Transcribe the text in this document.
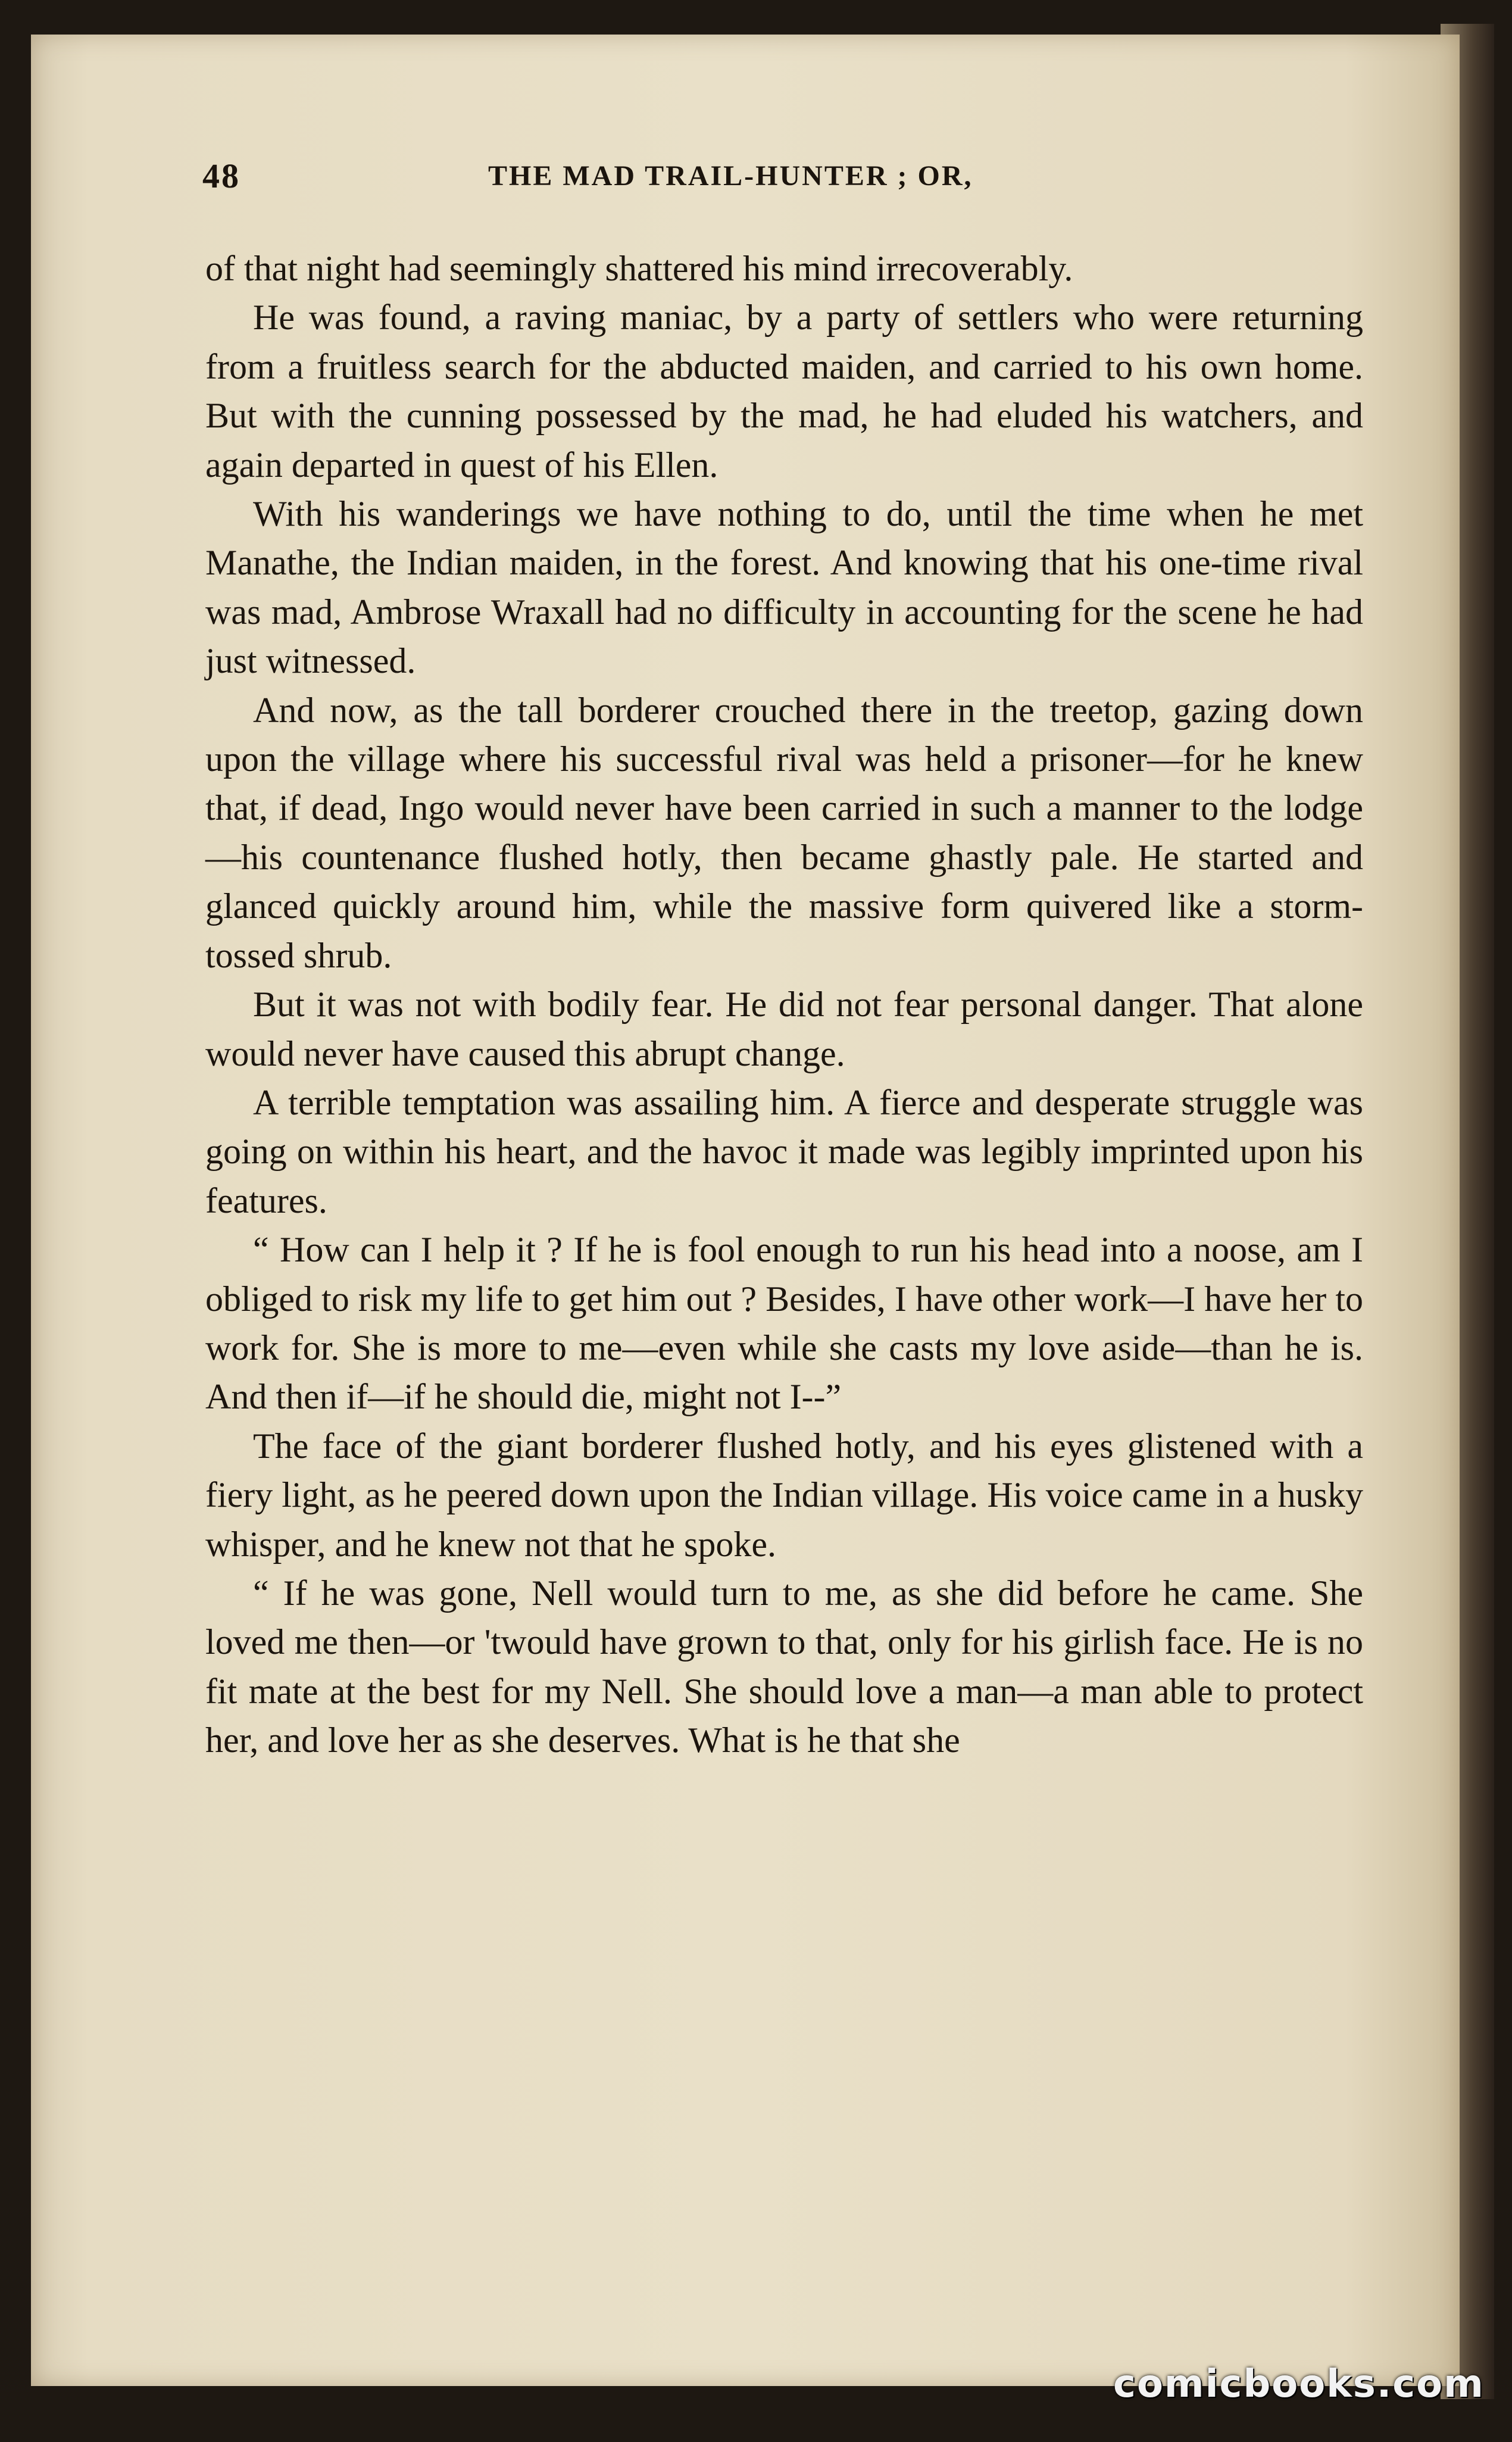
48	THE MAD TRAIL-HUNTER ; OR,

of that night had seemingly shattered his mind irrecoverably.

He was found, a raving maniac, by a party of settlers who were returning from a fruitless search for the abducted maiden, and carried to his own home. But with the cunning possessed by the mad, he had eluded his watchers, and again departed in quest of his Ellen.

With his wanderings we have nothing to do, until the time when he met Manathe, the Indian maiden, in the forest. And knowing that his one-time rival was mad, Ambrose Wraxall had no difficulty in accounting for the scene he had just witnessed.

And now, as the tall borderer crouched there in the treetop, gazing down upon the village where his successful rival was held a prisoner—for he knew that, if dead, Ingo would never have been carried in such a manner to the lodge—his countenance flushed hotly, then became ghastly pale. He started and glanced quickly around him, while the massive form quivered like a storm-tossed shrub.

But it was not with bodily fear. He did not fear personal danger. That alone would never have caused this abrupt change.

A terrible temptation was assailing him. A fierce and desperate struggle was going on within his heart, and the havoc it made was legibly imprinted upon his features.

“ How can I help it ? If he is fool enough to run his head into a noose, am I obliged to risk my life to get him out ? Besides, I have other work—I have her to work for. She is more to me—even while she casts my love aside—than he is. And then if—if he should die, might not I--”

The face of the giant borderer flushed hotly, and his eyes glistened with a fiery light, as he peered down upon the Indian village. His voice came in a husky whisper, and he knew not that he spoke.

“ If he was gone, Nell would turn to me, as she did before he came. She loved me then—or 'twould have grown to that, only for his girlish face. He is no fit mate at the best for my Nell. She should love a man—a man able to protect her, and love her as she deserves. What is he that she

comicbooks.com
